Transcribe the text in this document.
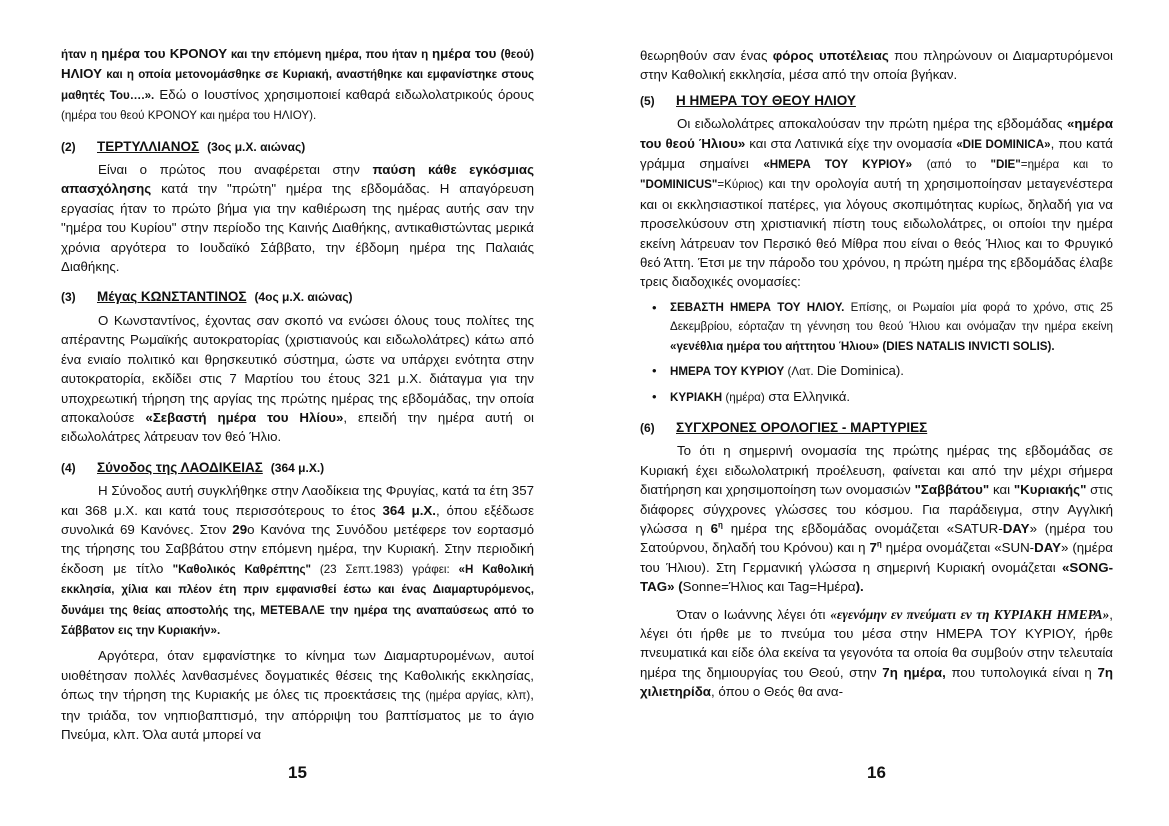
ήταν η ημέρα του ΚΡΟΝΟΥ και την επόμενη ημέρα, που ήταν η ημέρα του (θεού) ΗΛΙΟΥ και η οποία μετονομάσθηκε σε Κυριακή, αναστήθηκε και εμφανίστηκε στους μαθητές Του….». Εδώ ο Ιουστίνος χρησιμοποιεί καθαρά ειδωλολατρικούς όρους (ημέρα του θεού ΚΡΟΝΟΥ και ημέρα του ΗΛΙΟΥ).

(2)	ΤΕΡΤΥΛΛΙΑΝΟΣ (3ος μ.Χ. αιώνας)

Είναι ο πρώτος που αναφέρεται στην παύση κάθε εγκόσμιας απασχόλησης κατά την "πρώτη" ημέρα της εβδομάδας. Η απαγόρευση εργασίας ήταν το πρώτο βήμα για την καθιέρωση της ημέρας αυτής σαν την "ημέρα του Κυρίου" στην περίοδο της Καινής Διαθήκης, αντικαθιστώντας μερικά χρόνια αργότερα το Ιουδαϊκό Σάββατο, την έβδομη ημέρα της Παλαιάς Διαθήκης.

(3)	Μέγας ΚΩΝΣΤΑΝΤΙΝΟΣ (4ος μ.Χ. αιώνας)

Ο Κωνσταντίνος, έχοντας σαν σκοπό να ενώσει όλους τους πολίτες της απέραντης Ρωμαϊκής αυτοκρατορίας (χριστιανούς και ειδωλολάτρες) κάτω από ένα ενιαίο πολιτικό και θρησκευτικό σύστημα, ώστε να υπάρχει ενότητα στην αυτοκρατορία, εκδίδει στις 7 Μαρτίου του έτους 321 μ.Χ. διάταγμα για την υποχρεωτική τήρηση της αργίας της πρώτης ημέρας της εβδομάδας, την οποία αποκαλούσε «Σεβαστή ημέρα του Ηλίου», επειδή την ημέρα αυτή οι ειδωλολάτρες λάτρευαν τον θεό Ήλιο.

(4)	Σύνοδος της ΛΑΟΔΙΚΕΙΑΣ (364 μ.Χ.)

Η Σύνοδος αυτή συγκλήθηκε στην Λαοδίκεια της Φρυγίας, κατά τα έτη 357 και 368 μ.Χ. και κατά τους περισσότερους το έτος 364 μ.Χ., όπου εξέδωσε συνολικά 69 Κανόνες. Στον 29ο Κανόνα της Συνόδου μετέφερε τον εορτασμό της τήρησης του Σαββάτου στην επόμενη ημέρα, την Κυριακή. Στην περιοδική έκδοση με τίτλο "Καθολικός Καθρέπτης" (23 Σεπτ.1983) γράφει: «Η Καθολική εκκλησία, χίλια και πλέον έτη πριν εμφανισθεί έστω και ένας Διαμαρτυρόμενος, δυνάμει της θείας αποστολής της, ΜΕΤΕΒΑΛΕ την ημέρα της αναπαύσεως από το Σάββατον εις την Κυριακήν».

Αργότερα, όταν εμφανίστηκε το κίνημα των Διαμαρτυρομένων, αυτοί υιοθέτησαν πολλές λανθασμένες δογματικές θέσεις της Καθολικής εκκλησίας, όπως την τήρηση της Κυριακής με όλες τις προεκτάσεις της (ημέρα αργίας, κλπ), την τριάδα, τον νηπιοβαπτισμό, την απόρριψη του βαπτίσματος με το άγιο Πνεύμα, κλπ. Όλα αυτά μπορεί να

15

θεωρηθούν σαν ένας φόρος υποτέλειας που πληρώνουν οι Διαμαρτυρόμενοι στην Καθολική εκκλησία, μέσα από την οποία βγήκαν.

(5)	Η ΗΜΕΡΑ ΤΟΥ ΘΕΟΥ ΗΛΙΟΥ

Οι ειδωλολάτρες αποκαλούσαν την πρώτη ημέρα της εβδομάδας «ημέρα του θεού Ήλιου» και στα Λατινικά είχε την ονομασία «DIE DOMINICA», που κατά γράμμα σημαίνει «ΗΜΕΡΑ ΤΟΥ ΚΥΡΙΟΥ» (από το "DIE"=ημέρα και το "DOMINICUS"=Κύριος) και την ορολογία αυτή τη χρησιμοποίησαν μεταγενέστερα και οι εκκλησιαστικοί πατέρες, για λόγους σκοπιμότητας κυρίως, δηλαδή για να προσελκύσουν στη χριστιανική πίστη τους ειδωλολάτρες, οι οποίοι την ημέρα εκείνη λάτρευαν τον Περσικό θεό Μίθρα που είναι ο θεός Ήλιος και το Φρυγικό θεό Άττη. Έτσι με την πάροδο του χρόνου, η πρώτη ημέρα της εβδομάδας έλαβε τρεις διαδοχικές ονομασίες:

• ΣΕΒΑΣΤΗ ΗΜΕΡΑ ΤΟΥ ΗΛΙΟΥ. Επίσης, οι Ρωμαίοι μία φορά το χρόνο, στις 25 Δεκεμβρίου, εόρταζαν τη γέννηση του θεού Ήλιου και ονόμαζαν την ημέρα εκείνη «γενέθλια ημέρα του αήττητου Ήλιου» (DIES NATALIS INVICTI SOLIS).
• ΗΜΕΡΑ ΤΟΥ ΚΥΡΙΟΥ (Λατ. Die Dominica).
• ΚΥΡΙΑΚΗ (ημέρα) στα Ελληνικά.
(6)	ΣΥΓΧΡΟΝΕΣ ΟΡΟΛΟΓΙΕΣ - ΜΑΡΤΥΡΙΕΣ

Το ότι η σημερινή ονομασία της πρώτης ημέρας της εβδομάδας σε Κυριακή έχει ειδωλολατρική προέλευση, φαίνεται και από την μέχρι σήμερα διατήρηση και χρησιμοποίηση των ονομασιών "Σαββάτου" και "Κυριακής" στις διάφορες σύγχρονες γλώσσες του κόσμου. Για παράδειγμα, στην Αγγλική γλώσσα η $6^\eta$ ημέρα της εβδομάδας ονομάζεται «SATUR-DAY» (ημέρα του Σατούρνου, δηλαδή του Κρόνου) και η $7^\eta$ ημέρα ονομάζεται «SUN-DAY» (ημέρα του Ήλιου). Στη Γερμανική γλώσσα η σημερινή Κυριακή ονομάζεται «SONG-TAG» (Sonne=Ήλιος και Tag=Ημέρα).

Όταν ο Ιωάννης λέγει ότι «εγενόμην εν πνεύματι εν τη ΚΥΡΙΑΚΗ ΗΜΕΡΑ», λέγει ότι ήρθε με το πνεύμα του μέσα στην ΗΜΕΡΑ ΤΟΥ ΚΥΡΙΟΥ, ήρθε πνευματικά και είδε όλα εκείνα τα γεγονότα τα οποία θα συμβούν στην τελευταία ημέρα της δημιουργίας του Θεού, στην 7η ημέρα, που τυπολογικά είναι η 7η χιλιετηρίδα, όπου ο Θεός θα ανα-

16
